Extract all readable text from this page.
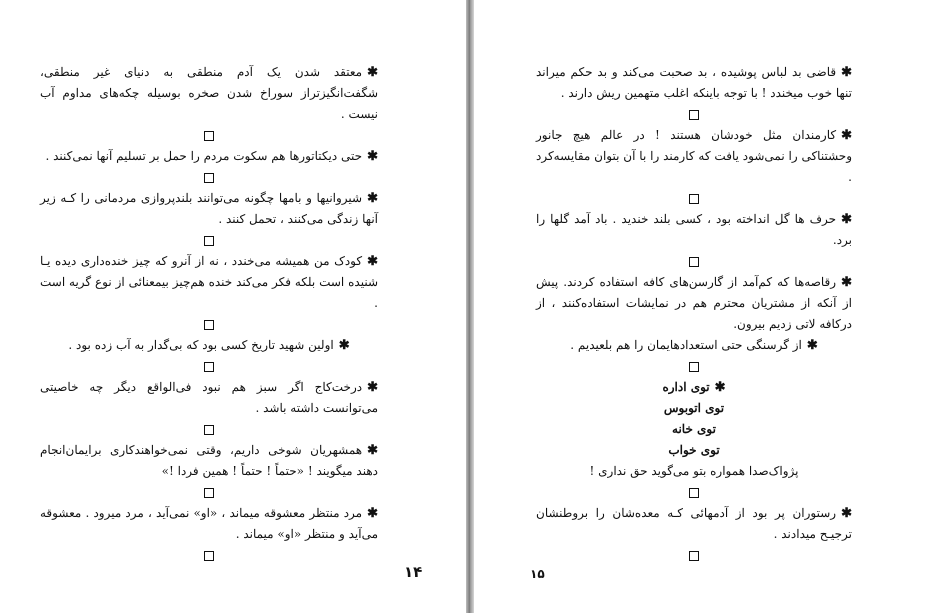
✱معتقد شدن یک آدم منطقی به دنیای غیر منطقی، شگفت‌انگیزتراز سوراخ شدن صخره بوسیله چکه‌های مداوم آب نیست .

✱حتی دیکتاتورها هم سکوت مردم را حمل بر تسلیم آنها نمی‌کنند .

✱شیروانیها و بامها چگونه می‌توانند بلندپروازی مردمانی را کـه زیر آنها زندگی می‌کنند ، تحمل کنند .

✱کودک من همیشه می‌خندد ، نه از آنرو که چیز خنده‌داری دیده یـا شنیده است بلکه فکر می‌کند خنده هم‌چیز بیمعنائی از نوع گریه است .

✱اولین شهید تاریخ کسی بود که بی‌گدار به آب زده بود .

✱درخت‌کاج اگر سبز هم نبود فی‌الواقع دیگر چه خاصیتی می‌توانست داشته باشد .

✱همشهریان شوخی داریم، وقتی نمی‌خواهندکاری برایمان‌انجام دهند میگویند ! «حتماً ! حتماً ! همین فردا !»

✱مرد منتظر معشوقه میماند ، «او» نمی‌آید ، مرد میرود . معشوقه می‌آید و منتظر «او» میماند .

۱۴

✱قاضی بد لباس پوشیده ، بد صحبت می‌کند و بد حکم میراند تنها خوب میخندد ! با توجه باینکه اغلب متهمین ریش دارند .

✱کارمندان مثل خودشان هستند ! در عالم هیچ جانور وحشتناکی را نمی‌شود یافت که کارمند را با آن بتوان مقایسه‌کرد .

✱حرف ها گل انداخته بود ، کسی بلند خندید . باد آمد گلها را برد.

✱رقاصه‌ها که کم‌آمد از گارسن‌های کافه استفاده کردند. پیش از آنکه از مشتریان محترم هم در نمایشات استفاده‌کنند ، از درکافه لاتی زدیم بیرون.

✱از گرسنگی حتی استعدادهایمان را هم بلعیدیم .

✱توی اداره
توی اتوبوس
توی خانه
توی خواب
پژواک‌صدا همواره بتو می‌گوید حق نداری !

✱رستوران پر بود از آدمهائی کـه معده‌شان را بروطنشان ترجیـح میدادند .

۱۵
